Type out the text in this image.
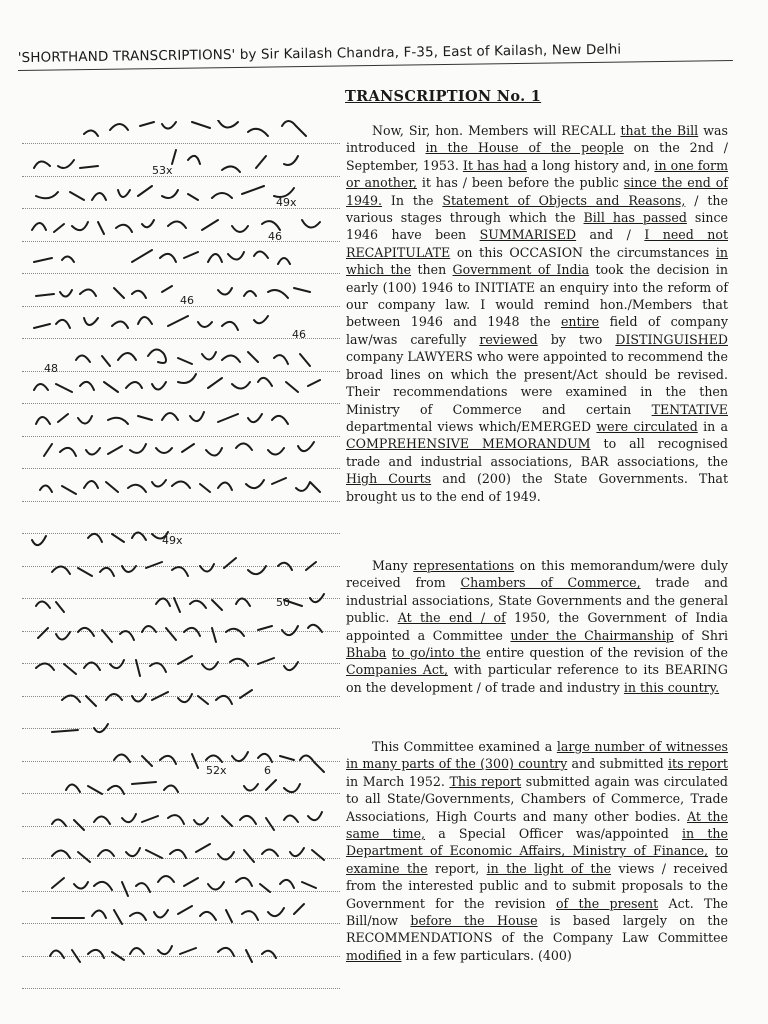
'SHORTHAND TRANSCRIPTIONS' by Sir Kailash Chandra, F-35, East of Kailash, New Delhi
TRANSCRIPTION No. 1
53x
49x
46
46
46
48
49x
50
52x	6

Now, Sir, hon. Members will RECALL that the Bill was introduced in the House of the people on the 2nd / September, 1953. It has had a long history and, in one form or another, it has / been before the public since the end of 1949. In the Statement of Objects and Reasons, / the various stages through which the Bill has passed since 1946 have been SUMMARISED and / I need not RECAPITULATE on this OCCASION the circumstances in which the then Government of India took the decision in early (100) 1946 to INITIATE an enquiry into the reform of our company law. I would remind hon./Members that between 1946 and 1948 the entire field of company law/was carefully reviewed by two DISTINGUISHED company LAWYERS who were appointed to recommend the broad lines on which the present/Act should be revised. Their recommendations were examined in the then Ministry of Commerce and certain TENTATIVE departmental views which/EMERGED were circulated in a COMPREHENSIVE MEMORANDUM to all recognised trade and industrial associations, BAR associations, the High Courts and (200) the State Governments. That brought us to the end of 1949.

Many representations on this memorandum/were duly received from Chambers of Commerce, trade and industrial associations, State Governments and the general public. At the end / of 1950, the Government of India appointed a Committee under the Chairmanship of Shri Bhaba to go/into the entire question of the revision of the Companies Act, with particular reference to its BEARING on the development / of trade and industry in this country.

This Committee examined a large number of witnesses in many parts of the (300) country and submitted its report in March 1952. This report submitted again was circulated to all State/Governments, Chambers of Commerce, Trade Associations, High Courts and many other bodies. At the same time, a Special Officer was/appointed in the Department of Economic Affairs, Ministry of Finance, to examine the report, in the light of the views / received from the interested public and to submit proposals to the Government for the revision of the present Act. The Bill/now before the House is based largely on the RECOMMENDATIONS of the Company Law Committee modified in a few particulars. (400)
